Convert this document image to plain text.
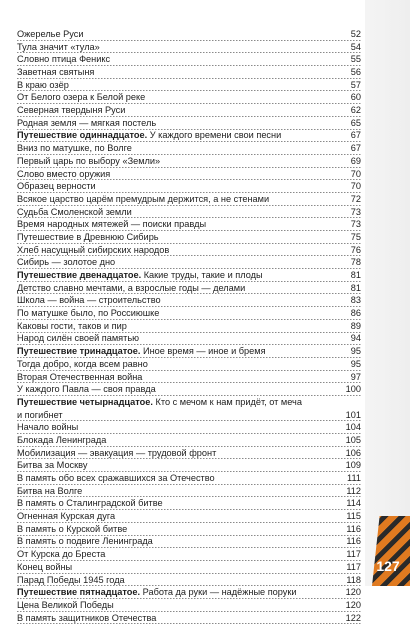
127
Ожерелье Руси	52
Тула значит «тула»	54
Словно птица Феникс	55
Заветная святыня	56
В краю озёр	57
От Белого озера к Белой реке	60
Северная твердыня Руси	62
Родная земля — мягкая постель	65
Путешествие одиннадцатое. У каждого времени свои песни	67
Вниз по матушке, по Волге	67
Первый царь по выбору «Земли»	69
Слово вместо оружия	70
Образец верности	70
Всякое царство царём премудрым держится, а не стенами	72
Судьба Смоленской земли	73
Время народных мятежей — поиски правды	73
Путешествие в Древнюю Сибирь	75
Хлеб насущный сибирских народов	76
Сибирь — золотое дно	78
Путешествие двенадцатое. Какие труды, такие и плоды	81
Детство славно мечтами, а взрослые годы — делами	81
Школа — война — строительство	83
По матушке было, по Россиюшке	86
Каковы гости, таков и пир	89
Народ силён своей памятью	94
Путешествие тринадцатое. Иное время — иное и бремя	95
Тогда добро, когда всем равно	95
Вторая Отечественная война	97
У каждого Павла — своя правда	100
Путешествие четырнадцатое. Кто с мечом к нам придёт, от меча
и погибнет	101
Начало войны	104
Блокада Ленинграда	105
Мобилизация — эвакуация — трудовой фронт	106
Битва за Москву	109
В память обо всех сражавшихся за Отечество	111
Битва на Волге	112
В память о Сталинградской битве	114
Огненная Курская дуга	115
В память о Курской битве	116
В память о подвиге Ленинграда	116
От Курска до Бреста	117
Конец войны	117
Парад Победы 1945 года	118
Путешествие пятнадцатое. Работа да руки — надёжные поруки	120
Цена Великой Победы	120
В память защитников Отечества	122
